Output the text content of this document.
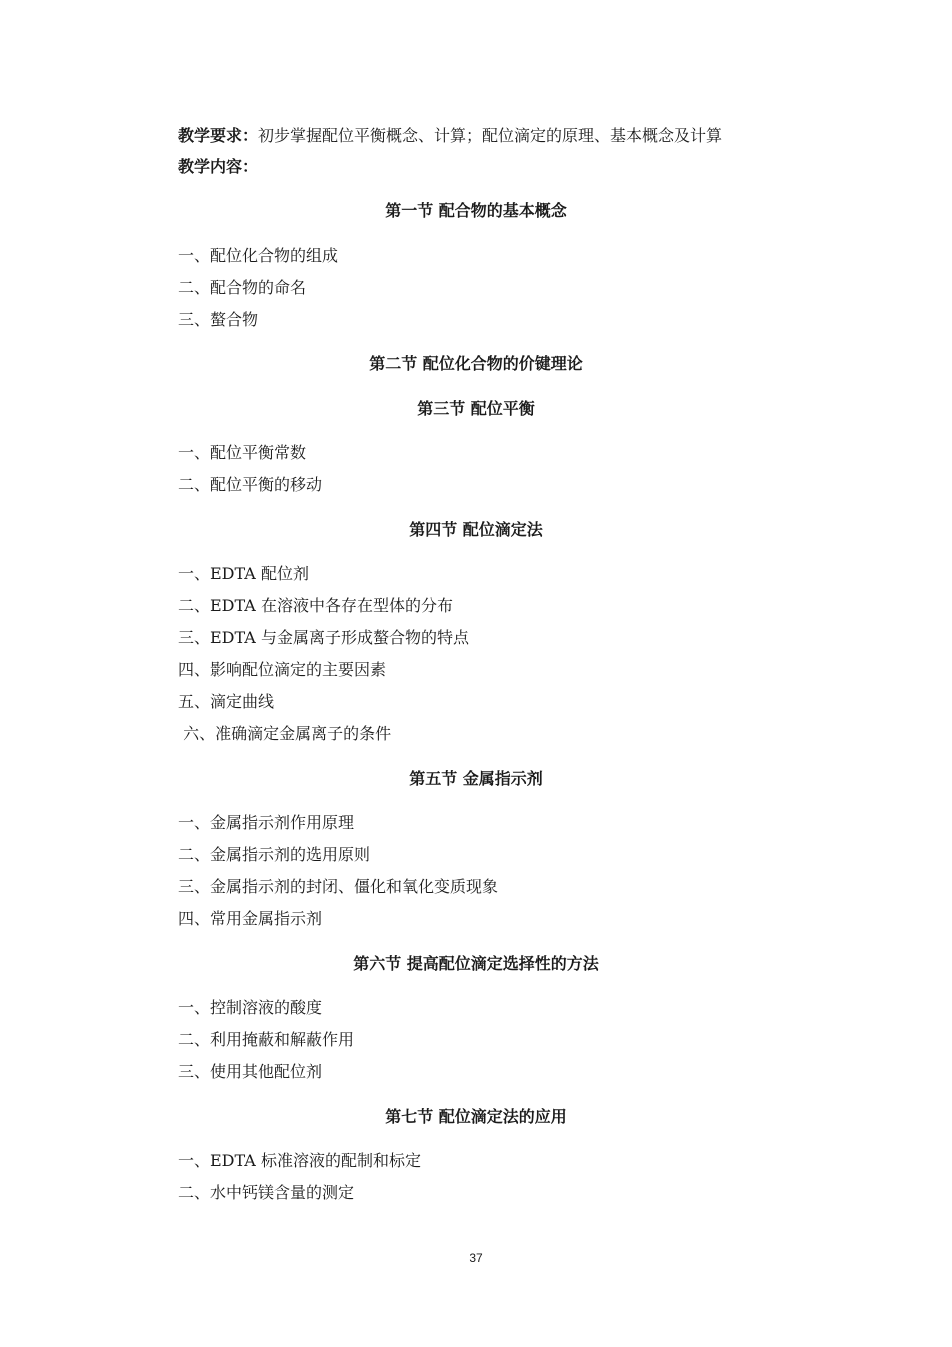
教学要求：初步掌握配位平衡概念、计算；配位滴定的原理、基本概念及计算
教学内容：
第一节 配合物的基本概念
一、配位化合物的组成
二、配合物的命名
三、螯合物
第二节 配位化合物的价键理论
第三节 配位平衡
一、配位平衡常数
二、配位平衡的移动
第四节 配位滴定法
一、EDTA 配位剂
二、EDTA 在溶液中各存在型体的分布
三、EDTA 与金属离子形成螯合物的特点
四、影响配位滴定的主要因素
五、滴定曲线
六、准确滴定金属离子的条件
第五节 金属指示剂
一、金属指示剂作用原理
二、金属指示剂的选用原则
三、金属指示剂的封闭、僵化和氧化变质现象
四、常用金属指示剂
第六节 提高配位滴定选择性的方法
一、控制溶液的酸度
二、利用掩蔽和解蔽作用
三、使用其他配位剂
第七节 配位滴定法的应用
一、EDTA 标准溶液的配制和标定
二、水中钙镁含量的测定
37
